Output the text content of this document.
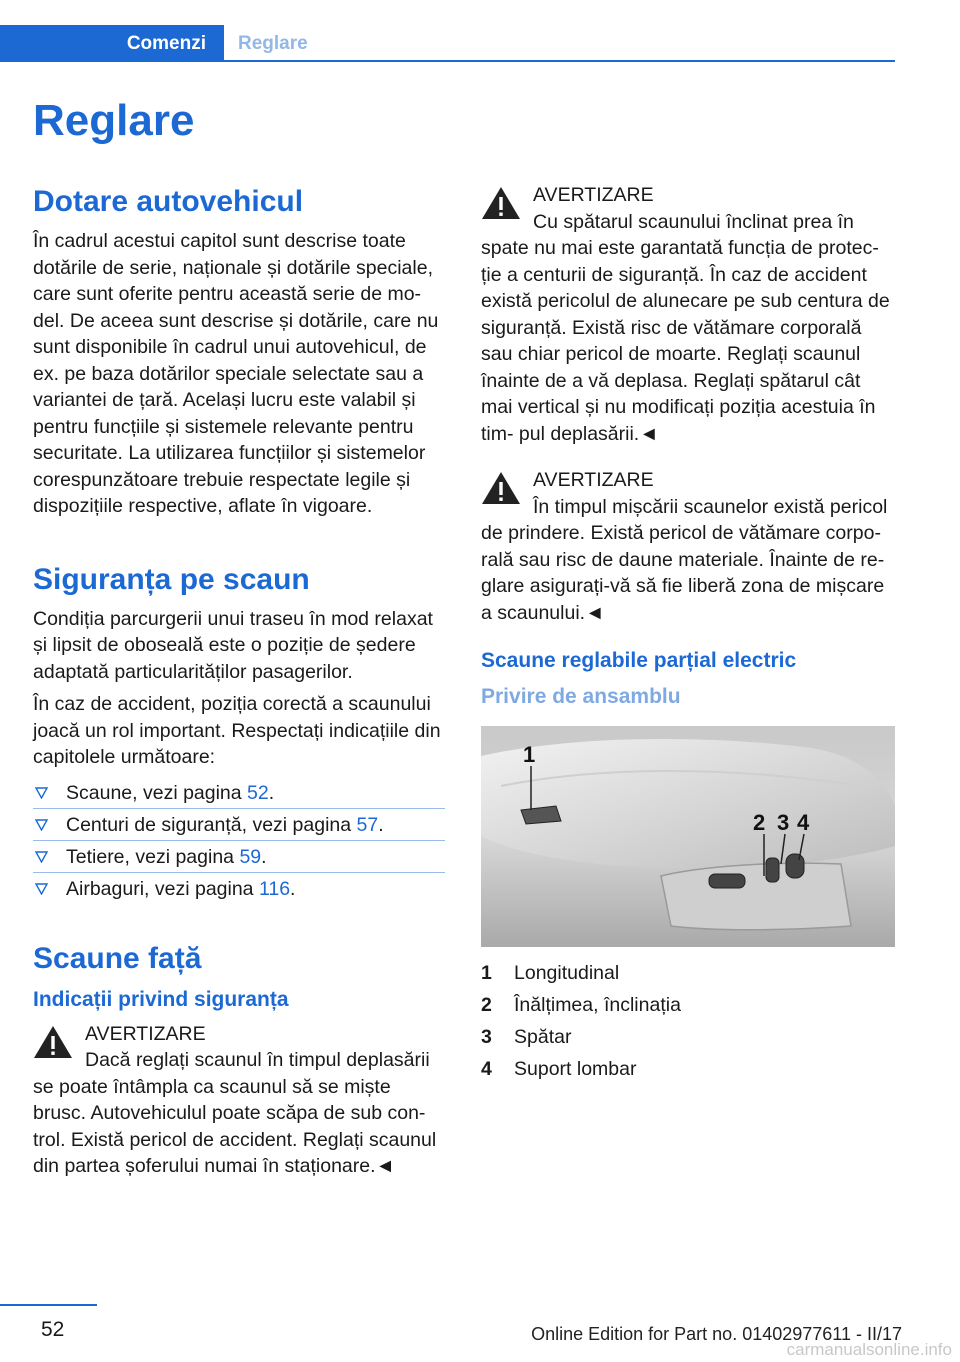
Comenzi	Reglare
Reglare
Dotare autovehicul

În cadrul acestui capitol sunt descrise toate dotările de serie, naționale și dotările speciale, care sunt oferite pentru această serie de mo‐ del. De aceea sunt descrise și dotările, care nu sunt disponibile în cadrul unui autovehicul, de ex. pe baza dotărilor speciale selectate sau a variantei de țară. Același lucru este valabil și pentru funcțiile și sistemele relevante pentru securitate. La utilizarea funcțiilor și sistemelor corespunzătoare trebuie respectate legile și dispozițiile respective, aflate în vigoare.

Siguranța pe scaun

Condiția parcurgerii unui traseu în mod relaxat și lipsit de oboseală este o poziție de ședere adaptată particularităților pasagerilor.

În caz de accident, poziția corectă a scaunului joacă un rol important. Respectați indicațiile din capitolele următoare:

Scaune, vezi pagina 52.
Centuri de siguranță, vezi pagina 57.
Tetiere, vezi pagina 59.
Airbaguri, vezi pagina 116.
Scaune față
Indicații privind siguranța
AVERTIZARE
Dacă reglați scaunul în timpul deplasării se poate întâmpla ca scaunul să se miște brusc. Autovehiculul poate scăpa de sub con‐ trol. Există pericol de accident. Reglați scaunul din partea șoferului numai în staționare.◄
AVERTIZARE
Cu spătarul scaunului înclinat prea în spate nu mai este garantată funcția de protec‐ ție a centurii de siguranță. În caz de accident există pericolul de alunecare pe sub centura de siguranță. Există risc de vătămare corporală sau chiar pericol de moarte. Reglați scaunul înainte de a vă deplasa. Reglați spătarul cât mai vertical și nu modificați poziția acestuia în tim‐ pul deplasării.◄
AVERTIZARE
În timpul mișcării scaunelor există pericol de prindere. Există pericol de vătămare corpo‐ rală sau risc de daune materiale. Înainte de re‐ glare asigurați-vă să fie liberă zona de mișcare a scaunului.◄
Scaune reglabile parțial electric
Privire de ansamblu
1
2 3 4
1	Longitudinal
2	Înălțimea, înclinația
3	Spătar
4	Suport lombar
52	Online Edition for Part no. 01402977611 - II/17
carmanualsonline.info
